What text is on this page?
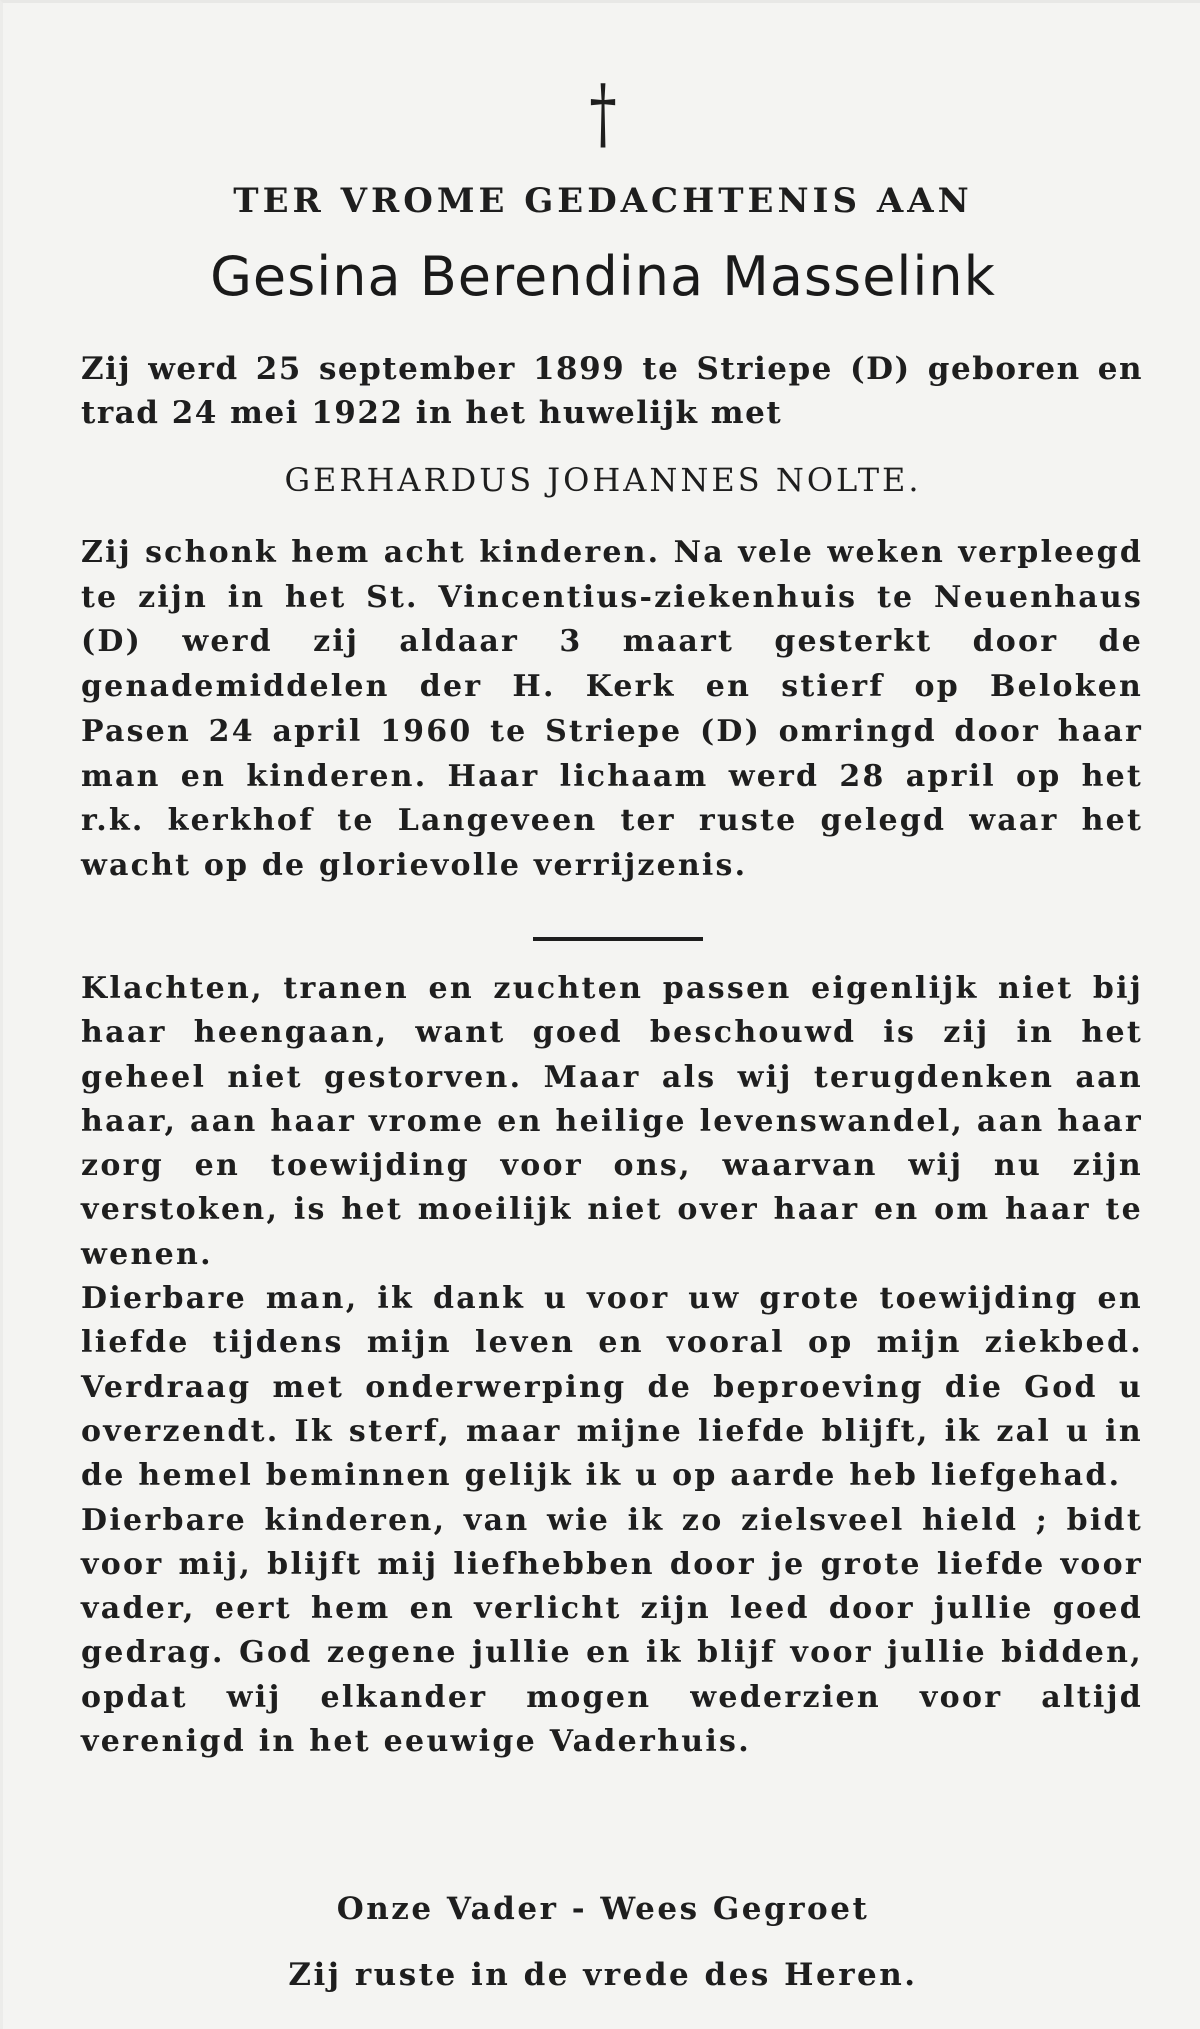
†
TER VROME GEDACHTENIS AAN
Gesina Berendina Masselink

Zij werd 25 september 1899 te Striepe (D) geboren en trad 24 mei 1922 in het huwelijk met

GERHARDUS JOHANNES NOLTE.

Zij schonk hem acht kinderen. Na vele weken verpleegd te zijn in het St. Vincentius-ziekenhuis te Neuenhaus (D) werd zij aldaar 3 maart gesterkt door de genademiddelen der H. Kerk en stierf op Beloken Pasen 24 april 1960 te Striepe (D) omringd door haar man en kinderen. Haar lichaam werd 28 april op het r.k. kerkhof te Langeveen ter ruste gelegd waar het wacht op de glorievolle verrijzenis.

Klachten, tranen en zuchten passen eigenlijk niet bij haar heengaan, want goed beschouwd is zij in het geheel niet gestorven. Maar als wij terugdenken aan haar, aan haar vrome en heilige levenswandel, aan haar zorg en toewijding voor ons, waarvan wij nu zijn verstoken, is het moeilijk niet over haar en om haar te wenen.

Dierbare man, ik dank u voor uw grote toewijding en liefde tijdens mijn leven en vooral op mijn ziekbed. Verdraag met onderwerping de beproeving die God u overzendt. Ik sterf, maar mijne liefde blijft, ik zal u in de hemel beminnen gelijk ik u op aarde heb liefgehad.

Dierbare kinderen, van wie ik zo zielsveel hield ; bidt voor mij, blijft mij liefhebben door je grote liefde voor vader, eert hem en verlicht zijn leed door jullie goed gedrag. God zegene jullie en ik blijf voor jullie bidden, opdat wij elkander mogen wederzien voor altijd verenigd in het eeuwige Vaderhuis.

Onze Vader - Wees Gegroet
Zij ruste in de vrede des Heren.
